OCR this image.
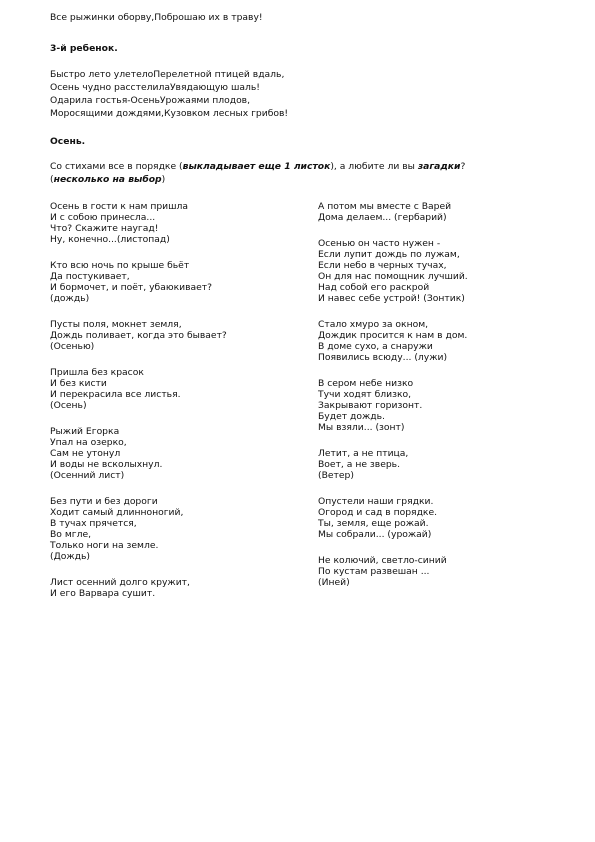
Все рыжинки оборву,Поброшаю их в траву!
3-й ребенок.
Быстро лето улетелоПерелетной птицей вдаль,
Осень чудно расстелилаУвядающую шаль!
Одарила гостья-ОсеньУрожаями плодов,
Моросящими дождями,Кузовком лесных грибов!
Осень.
Со стихами все в порядке (выкладывает еще 1 листок), а любите ли вы загадки?
(несколько на выбор)
Осень в гости к нам пришла
И с собою принесла...
Что? Скажите наугад!
Ну, конечно...(листопад)
Кто всю ночь по крыше бьёт
Да постукивает,
И бормочет, и поёт, убаюкивает?
(дождь)
Пусты поля, мокнет земля,
Дождь поливает, когда это бывает?
(Осенью)
Пришла без красок
И без кисти
И перекрасила все листья.
(Осень)
Рыжий Егорка
Упал на озерко,
Сам не утонул
И воды не всколыхнул.
(Осенний лист)
Без пути и без дороги
Ходит самый длинноногий,
В тучах прячется,
Во мгле,
Только ноги на земле.
(Дождь)
Лист осенний долго кружит,
И его Варвара сушит.
А потом мы вместе с Варей
Дома делаем... (гербарий)
Осенью он часто нужен -
Если лупит дождь по лужам,
Если небо в черных тучах,
Он для нас помощник лучший.
Над собой его раскрой
И навес себе устрой! (Зонтик)
Стало хмуро за окном,
Дождик просится к нам в дом.
В доме сухо, а снаружи
Появились всюду... (лужи)
В сером небе низко
Тучи ходят близко,
Закрывают горизонт.
Будет дождь.
Мы взяли... (зонт)
Летит, а не птица,
Воет, а не зверь.
(Ветер)
Опустели наши грядки.
Огород и сад в порядке.
Ты, земля, еще рожай.
Мы собрали... (урожай)
Не колючий, светло-синий
По кустам развешан ...
(Иней)
